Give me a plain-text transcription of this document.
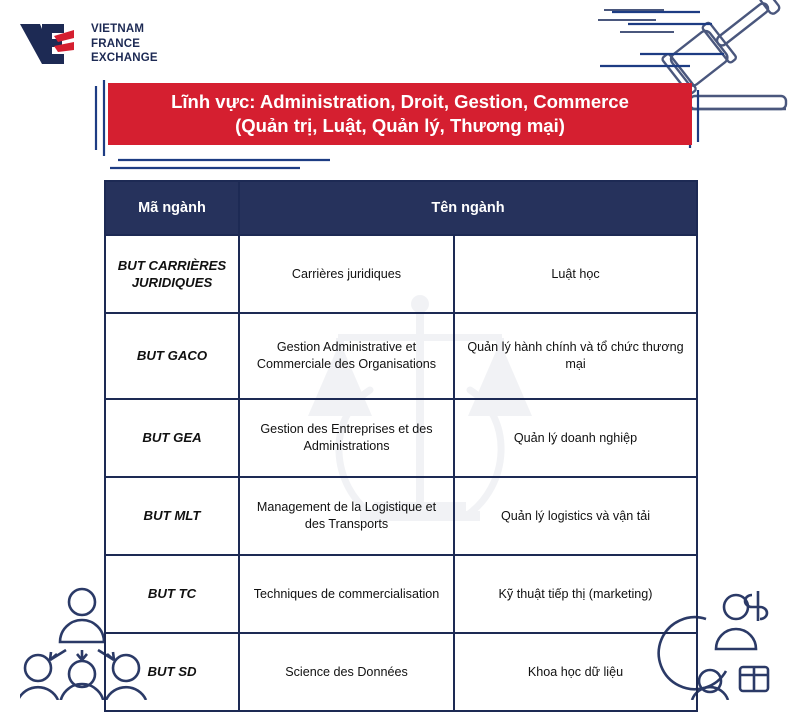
VIETNAM
FRANCE
EXCHANGE
Lĩnh vực: Administration, Droit, Gestion, Commerce
(Quản trị, Luật, Quản lý, Thương mại)
Mã ngành	Tên ngành	
BUT CARRIÈRES JURIDIQUES	Carrières juridiques	Luật học
BUT GACO	Gestion Administrative et Commerciale des Organisations	Quản lý hành chính và tổ chức thương mại
BUT GEA	Gestion des Entreprises et des Administrations	Quản lý doanh nghiệp
BUT MLT	Management de la Logistique et des Transports	Quản lý logistics và vận tải
BUT TC	Techniques de commercialisation	Kỹ thuật tiếp thị (marketing)
BUT SD	Science des Données	Khoa học dữ liệu
